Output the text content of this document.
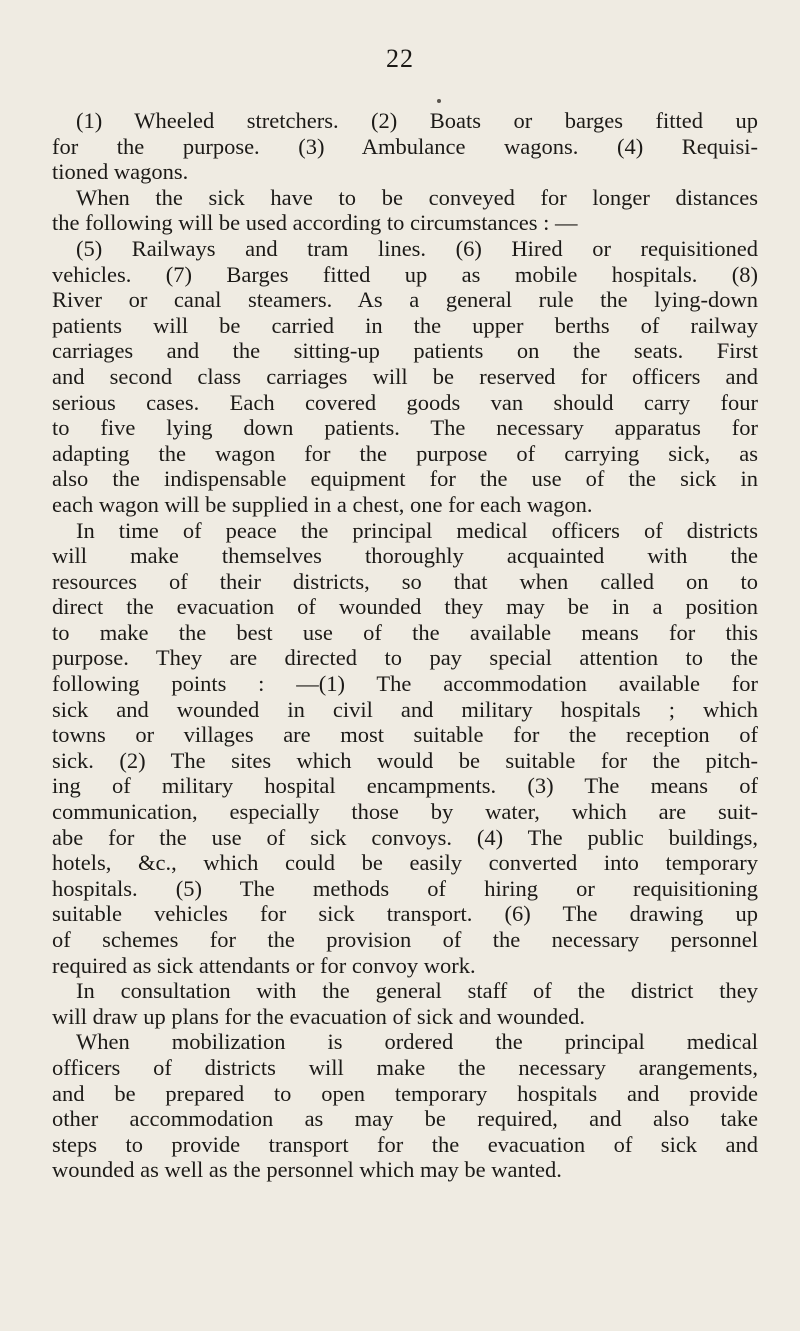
22
(1) Wheeled stretchers. (2) Boats or barges fitted up
for the purpose. (3) Ambulance wagons. (4) Requisi-
tioned wagons.
When the sick have to be conveyed for longer distances
the following will be used according to circumstances : —
(5) Railways and tram lines. (6) Hired or requisitioned
vehicles. (7) Barges fitted up as mobile hospitals. (8)
River or canal steamers. As a general rule the lying-down
patients will be carried in the upper berths of railway
carriages and the sitting-up patients on the seats. First
and second class carriages will be reserved for officers and
serious cases. Each covered goods van should carry four
to five lying down patients. The necessary apparatus for
adapting the wagon for the purpose of carrying sick, as
also the indispensable equipment for the use of the sick in
each wagon will be supplied in a chest, one for each wagon.
In time of peace the principal medical officers of districts
will make themselves thoroughly acquainted with the
resources of their districts, so that when called on to
direct the evacuation of wounded they may be in a position
to make the best use of the available means for this
purpose. They are directed to pay special attention to the
following points : —(1) The accommodation available for
sick and wounded in civil and military hospitals ; which
towns or villages are most suitable for the reception of
sick. (2) The sites which would be suitable for the pitch-
ing of military hospital encampments. (3) The means of
communication, especially those by water, which are suit-
abe for the use of sick convoys. (4) The public buildings,
hotels, &c., which could be easily converted into temporary
hospitals. (5) The methods of hiring or requisitioning
suitable vehicles for sick transport. (6) The drawing up
of schemes for the provision of the necessary personnel
required as sick attendants or for convoy work.
In consultation with the general staff of the district they
will draw up plans for the evacuation of sick and wounded.
When mobilization is ordered the principal medical
officers of districts will make the necessary arangements,
and be prepared to open temporary hospitals and provide
other accommodation as may be required, and also take
steps to provide transport for the evacuation of sick and
wounded as well as the personnel which may be wanted.
